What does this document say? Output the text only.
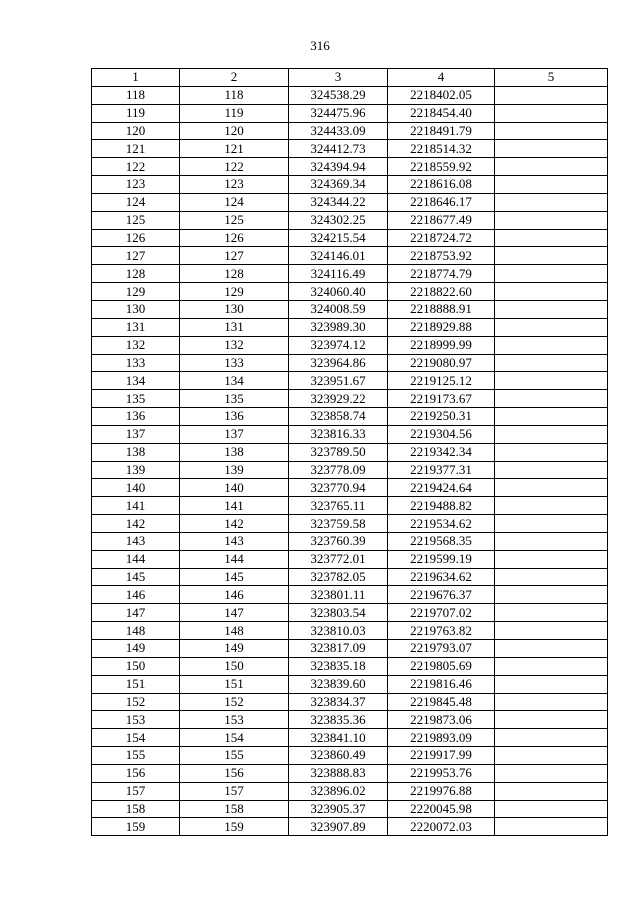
316
1	2	3	4	5
118	118	324538.29	2218402.05	
119	119	324475.96	2218454.40	
120	120	324433.09	2218491.79	
121	121	324412.73	2218514.32	
122	122	324394.94	2218559.92	
123	123	324369.34	2218616.08	
124	124	324344.22	2218646.17	
125	125	324302.25	2218677.49	
126	126	324215.54	2218724.72	
127	127	324146.01	2218753.92	
128	128	324116.49	2218774.79	
129	129	324060.40	2218822.60	
130	130	324008.59	2218888.91	
131	131	323989.30	2218929.88	
132	132	323974.12	2218999.99	
133	133	323964.86	2219080.97	
134	134	323951.67	2219125.12	
135	135	323929.22	2219173.67	
136	136	323858.74	2219250.31	
137	137	323816.33	2219304.56	
138	138	323789.50	2219342.34	
139	139	323778.09	2219377.31	
140	140	323770.94	2219424.64	
141	141	323765.11	2219488.82	
142	142	323759.58	2219534.62	
143	143	323760.39	2219568.35	
144	144	323772.01	2219599.19	
145	145	323782.05	2219634.62	
146	146	323801.11	2219676.37	
147	147	323803.54	2219707.02	
148	148	323810.03	2219763.82	
149	149	323817.09	2219793.07	
150	150	323835.18	2219805.69	
151	151	323839.60	2219816.46	
152	152	323834.37	2219845.48	
153	153	323835.36	2219873.06	
154	154	323841.10	2219893.09	
155	155	323860.49	2219917.99	
156	156	323888.83	2219953.76	
157	157	323896.02	2219976.88	
158	158	323905.37	2220045.98	
159	159	323907.89	2220072.03	
